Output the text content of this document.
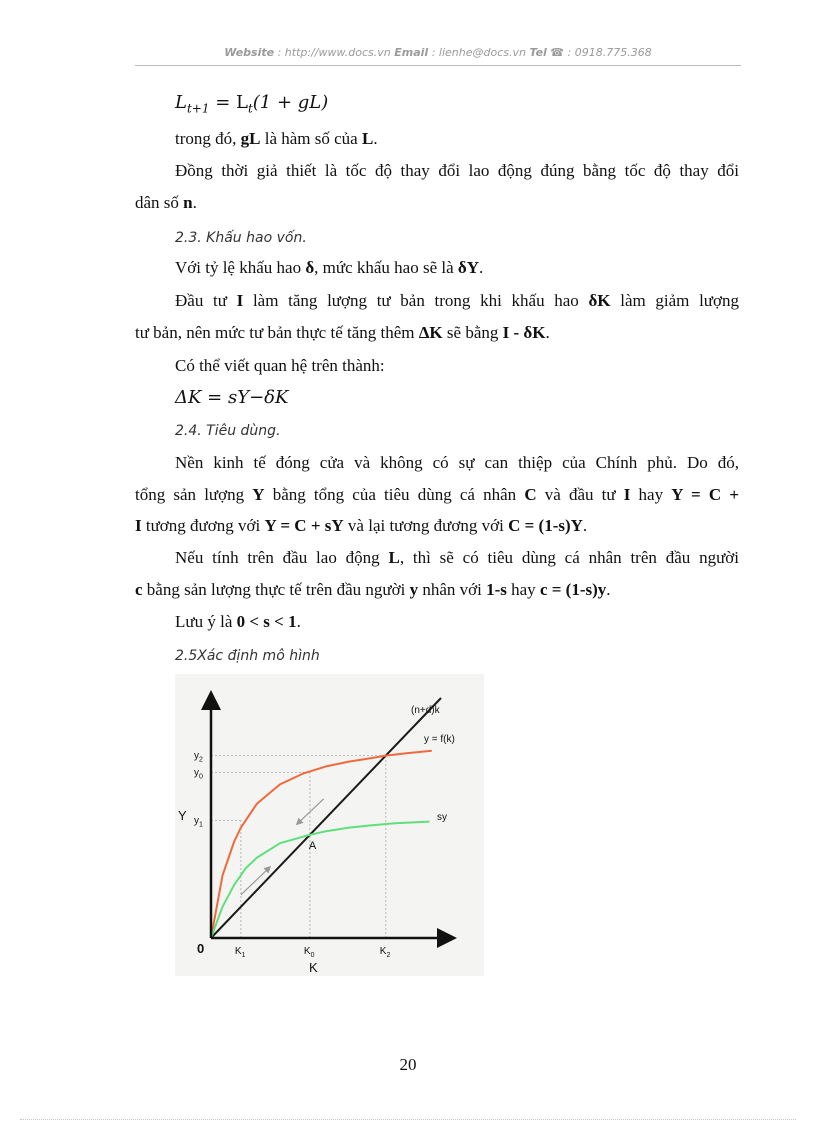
Website : http://www.docs.vn Email : lienhe@docs.vn Tel ☎ : 0918.775.368
$L_{t+1} = L_t(1 + gL)$
trong đó, gL là hàm số của L.
Đồng thời giả thiết là tốc độ thay đổi lao động đúng bằng tốc độ thay đổi
dân số n.
2.3. Khấu hao vốn.
Với tỷ lệ khấu hao δ, mức khấu hao sẽ là δY.
Đầu tư I làm tăng lượng tư bản trong khi khấu hao δK làm giảm lượng
tư bản, nên mức tư bản thực tế tăng thêm ΔK sẽ bằng I - δK.
Có thể viết quan hệ trên thành:
ΔK = sY−δK
2.4. Tiêu dùng.
Nền kinh tế đóng cửa và không có sự can thiệp của Chính phủ. Do đó,
tổng sản lượng Y bằng tổng của tiêu dùng cá nhân C và đầu tư I hay Y = C +
I tương đương với Y = C + sY và lại tương đương với C = (1-s)Y.
Nếu tính trên đầu lao động L, thì sẽ có tiêu dùng cá nhân trên đầu người
c bằng sản lượng thực tế trên đầu người y nhân với 1-s hay c = (1-s)y.
Lưu ý là 0 < s < 1.
2.5Xác định mô hình
0
K
Y
$K_1$	$K_0$	$K_2$
$y_2$
$y_0$
$y_1$
(n+d)k
y = f(k)
sy
A
20
